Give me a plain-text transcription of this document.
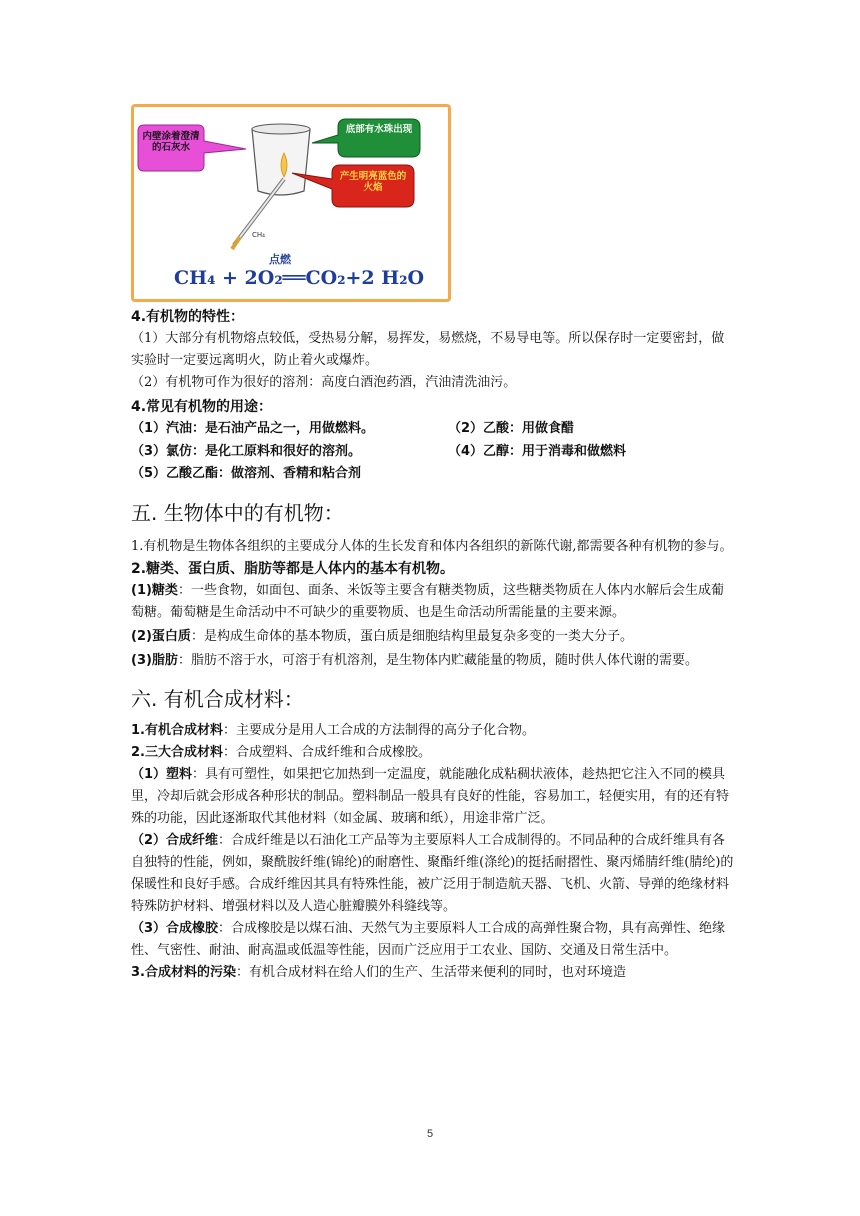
内壁涂着澄清的石灰水
底部有水珠出现
产生明亮蓝色的火焰
CH₄
点燃
CH₄ + 2O₂══CO₂+2 H₂O

4.有机物的特性：

（1）大部分有机物熔点较低，受热易分解，易挥发，易燃烧，不易导电等。所以保存时一定要密封，做实验时一定要远离明火，防止着火或爆炸。

（2）有机物可作为很好的溶剂：高度白酒泡药酒，汽油清洗油污。

4.常见有机物的用途：

（1）汽油：是石油产品之一，用做燃料。	（2）乙酸：用做食醋
（3）氯仿：是化工原料和很好的溶剂。	（4）乙醇：用于消毒和做燃料
（5）乙酸乙酯：做溶剂、香精和粘合剂
五. 生物体中的有机物：

1.有机物是生物体各组织的主要成分人体的生长发育和体内各组织的新陈代谢,都需要各种有机物的参与。

2.糖类、蛋白质、脂肪等都是人体内的基本有机物。

(1)糖类：一些食物，如面包、面条、米饭等主要含有糖类物质，这些糖类物质在人体内水解后会生成葡萄糖。葡萄糖是生命活动中不可缺少的重要物质、也是生命活动所需能量的主要来源。

(2)蛋白质：是构成生命体的基本物质，蛋白质是细胞结构里最复杂多变的一类大分子。

(3)脂肪：脂肪不溶于水，可溶于有机溶剂，是生物体内贮藏能量的物质，随时供人体代谢的需要。

六. 有机合成材料：

1.有机合成材料：主要成分是用人工合成的方法制得的高分子化合物。

2.三大合成材料：合成塑料、合成纤维和合成橡胶。

（1）塑料：具有可塑性，如果把它加热到一定温度，就能融化成粘稠状液体，趁热把它注入不同的模具里，冷却后就会形成各种形状的制品。塑料制品一般具有良好的性能，容易加工，轻便实用，有的还有特殊的功能，因此逐渐取代其他材料（如金属、玻璃和纸），用途非常广泛。

（2）合成纤维：合成纤维是以石油化工产品等为主要原料人工合成制得的。不同品种的合成纤维具有各自独特的性能，例如，聚酰胺纤维(锦纶)的耐磨性、聚酯纤维(涤纶)的挺括耐摺性、聚丙烯腈纤维(腈纶)的保暖性和良好手感。合成纤维因其具有特殊性能，被广泛用于制造航天器、飞机、火箭、导弹的绝缘材料特殊防护材料、增强材料以及人造心脏瓣膜外科缝线等。

（3）合成橡胶：合成橡胶是以煤石油、天然气为主要原料人工合成的高弹性聚合物，具有高弹性、绝缘性、气密性、耐油、耐高温或低温等性能，因而广泛应用于工农业、国防、交通及日常生活中。

3.合成材料的污染：有机合成材料在给人们的生产、生活带来便利的同时，也对环境造

5
